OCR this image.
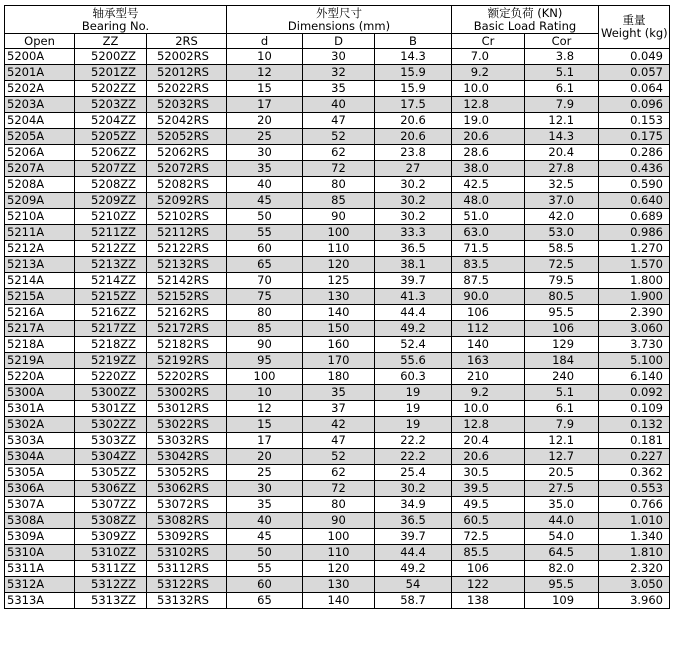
轴承型号
Bearing No.			外型尺寸
Dimensions (mm)			额定负荷 (KN)
Basic Load Rating		重量
Weight (kg)

Open	ZZ	2RS	d	D	B	Cr	Cor	
5200A	5200ZZ	52002RS	10	30	14.3	7.0	3.8	0.049
5201A	5201ZZ	52012RS	12	32	15.9	9.2	5.1	0.057
5202A	5202ZZ	52022RS	15	35	15.9	10.0	6.1	0.064
5203A	5203ZZ	52032RS	17	40	17.5	12.8	7.9	0.096
5204A	5204ZZ	52042RS	20	47	20.6	19.0	12.1	0.153
5205A	5205ZZ	52052RS	25	52	20.6	20.6	14.3	0.175
5206A	5206ZZ	52062RS	30	62	23.8	28.6	20.4	0.286
5207A	5207ZZ	52072RS	35	72	27	38.0	27.8	0.436
5208A	5208ZZ	52082RS	40	80	30.2	42.5	32.5	0.590
5209A	5209ZZ	52092RS	45	85	30.2	48.0	37.0	0.640
5210A	5210ZZ	52102RS	50	90	30.2	51.0	42.0	0.689
5211A	5211ZZ	52112RS	55	100	33.3	63.0	53.0	0.986
5212A	5212ZZ	52122RS	60	110	36.5	71.5	58.5	1.270
5213A	5213ZZ	52132RS	65	120	38.1	83.5	72.5	1.570
5214A	5214ZZ	52142RS	70	125	39.7	87.5	79.5	1.800
5215A	5215ZZ	52152RS	75	130	41.3	90.0	80.5	1.900
5216A	5216ZZ	52162RS	80	140	44.4	106	95.5	2.390
5217A	5217ZZ	52172RS	85	150	49.2	112	106	3.060
5218A	5218ZZ	52182RS	90	160	52.4	140	129	3.730
5219A	5219ZZ	52192RS	95	170	55.6	163	184	5.100
5220A	5220ZZ	52202RS	100	180	60.3	210	240	6.140
5300A	5300ZZ	53002RS	10	35	19	9.2	5.1	0.092
5301A	5301ZZ	53012RS	12	37	19	10.0	6.1	0.109
5302A	5302ZZ	53022RS	15	42	19	12.8	7.9	0.132
5303A	5303ZZ	53032RS	17	47	22.2	20.4	12.1	0.181
5304A	5304ZZ	53042RS	20	52	22.2	20.6	12.7	0.227
5305A	5305ZZ	53052RS	25	62	25.4	30.5	20.5	0.362
5306A	5306ZZ	53062RS	30	72	30.2	39.5	27.5	0.553
5307A	5307ZZ	53072RS	35	80	34.9	49.5	35.0	0.766
5308A	5308ZZ	53082RS	40	90	36.5	60.5	44.0	1.010
5309A	5309ZZ	53092RS	45	100	39.7	72.5	54.0	1.340
5310A	5310ZZ	53102RS	50	110	44.4	85.5	64.5	1.810
5311A	5311ZZ	53112RS	55	120	49.2	106	82.0	2.320
5312A	5312ZZ	53122RS	60	130	54	122	95.5	3.050
5313A	5313ZZ	53132RS	65	140	58.7	138	109	3.960
